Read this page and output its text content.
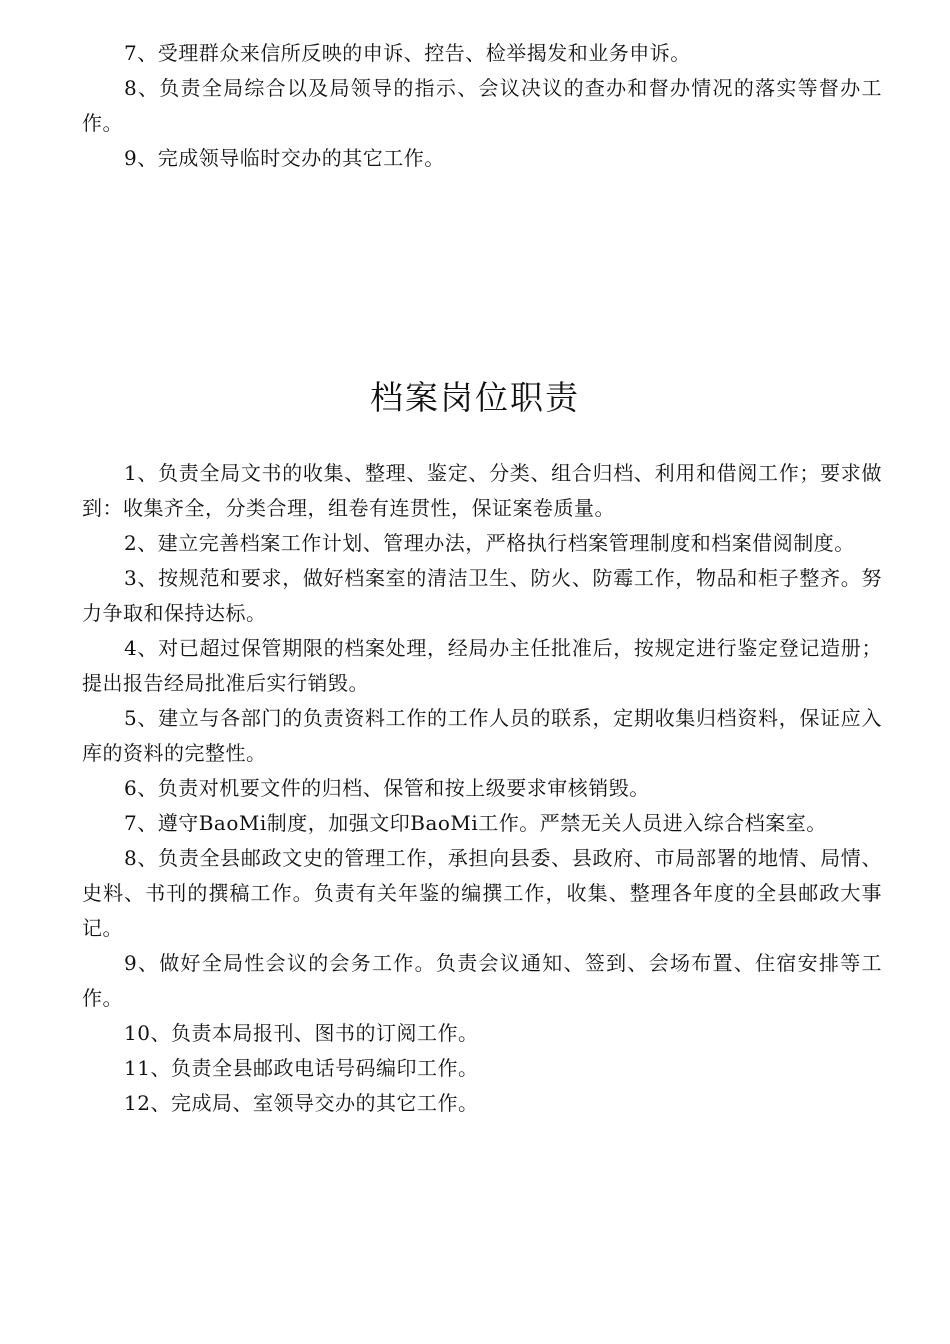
7、受理群众来信所反映的申诉、控告、检举揭发和业务申诉。

8、负责全局综合以及局领导的指示、会议决议的查办和督办情况的落实等督办工作。

9、完成领导临时交办的其它工作。

档案岗位职责

1、负责全局文书的收集、整理、鉴定、分类、组合归档、利用和借阅工作；要求做到：收集齐全，分类合理，组卷有连贯性，保证案卷质量。

2、建立完善档案工作计划、管理办法，严格执行档案管理制度和档案借阅制度。

3、按规范和要求，做好档案室的清洁卫生、防火、防霉工作，物品和柜子整齐。努力争取和保持达标。

4、对已超过保管期限的档案处理，经局办主任批准后，按规定进行鉴定登记造册；提出报告经局批准后实行销毁。

5、建立与各部门的负责资料工作的工作人员的联系，定期收集归档资料，保证应入库的资料的完整性。

6、负责对机要文件的归档、保管和按上级要求审核销毁。

7、遵守BaoMi制度，加强文印BaoMi工作。严禁无关人员进入综合档案室。

8、负责全县邮政文史的管理工作，承担向县委、县政府、市局部署的地情、局情、史料、书刊的撰稿工作。负责有关年鉴的编撰工作，收集、整理各年度的全县邮政大事记。

9、做好全局性会议的会务工作。负责会议通知、签到、会场布置、住宿安排等工作。

10、负责本局报刊、图书的订阅工作。

11、负责全县邮政电话号码编印工作。

12、完成局、室领导交办的其它工作。
